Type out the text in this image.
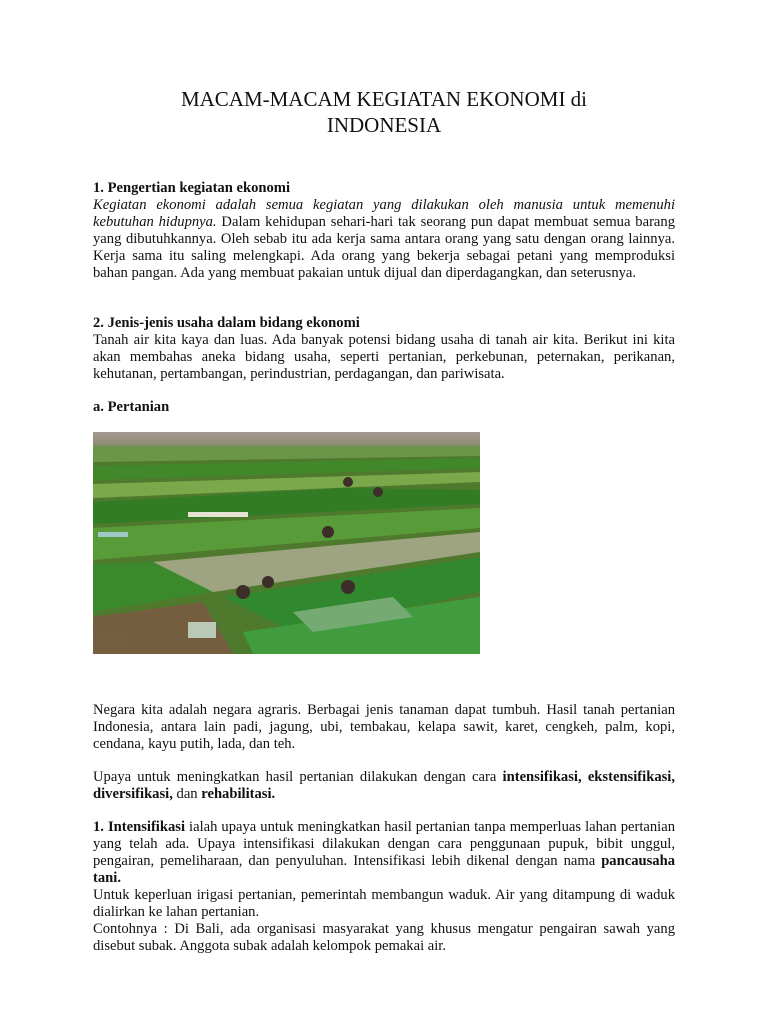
MACAM-MACAM KEGIATAN EKONOMI di
INDONESIA

1. Pengertian kegiatan ekonomi

Kegiatan ekonomi adalah semua kegiatan yang dilakukan oleh manusia untuk memenuhi kebutuhan hidupnya. Dalam kehidupan sehari-hari tak seorang pun dapat membuat semua barang yang dibutuhkannya. Oleh sebab itu ada kerja sama antara orang yang satu dengan orang lainnya. Kerja sama itu saling melengkapi. Ada orang yang bekerja sebagai petani yang memproduksi bahan pangan. Ada yang membuat pakaian untuk dijual dan diperdagangkan, dan seterusnya.

2. Jenis-jenis usaha dalam bidang ekonomi

Tanah air kita kaya dan luas. Ada banyak potensi bidang usaha di tanah air kita. Berikut ini kita akan membahas aneka bidang usaha, seperti pertanian, perkebunan, peternakan, perikanan, kehutanan, pertambangan, perindustrian, perdagangan, dan pariwisata.

a. Pertanian

Negara kita adalah negara agraris. Berbagai jenis tanaman dapat tumbuh. Hasil tanah pertanian Indonesia, antara lain padi, jagung, ubi, tembakau, kelapa sawit, karet, cengkeh, palm, kopi, cendana, kayu putih, lada, dan teh.

Upaya untuk meningkatkan hasil pertanian dilakukan dengan cara intensifikasi, ekstensifikasi, diversifikasi, dan rehabilitasi.

1. Intensifikasi ialah upaya untuk meningkatkan hasil pertanian tanpa memperluas lahan pertanian yang telah ada. Upaya intensifikasi dilakukan dengan cara penggunaan pupuk, bibit unggul, pengairan, pemeliharaan, dan penyuluhan. Intensifikasi lebih dikenal dengan nama pancausaha tani.

Untuk keperluan irigasi pertanian, pemerintah membangun waduk. Air yang ditampung di waduk dialirkan ke lahan pertanian.

Contohnya : Di Bali, ada organisasi masyarakat yang khusus mengatur pengairan sawah yang disebut subak. Anggota subak adalah kelompok pemakai air.
